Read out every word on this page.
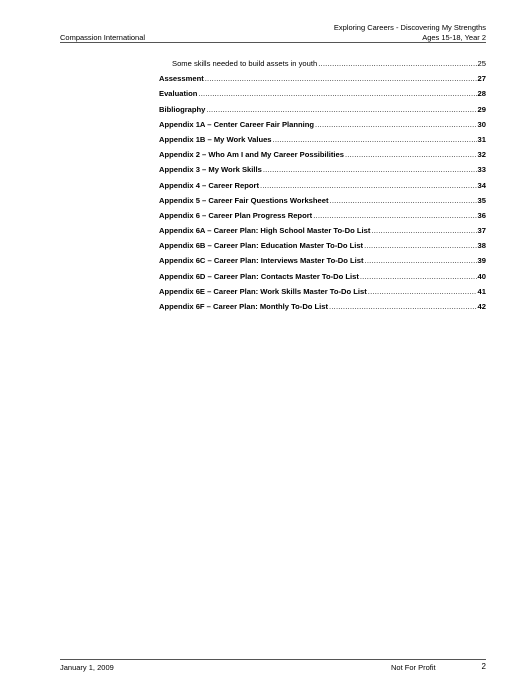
Compassion International
Exploring Careers - Discovering My Strengths
Ages 15-18, Year 2
Some skills needed to build assets in youth .....	25
Assessment .....	27
Evaluation .....	28
Bibliography .....	29
Appendix 1A – Center Career Fair Planning .....	30
Appendix 1B – My Work Values .....	31
Appendix 2 – Who Am I and My Career Possibilities .....	32
Appendix 3 – My Work Skills .....	33
Appendix 4 – Career Report .....	34
Appendix 5 – Career Fair Questions Worksheet .....	35
Appendix 6 – Career Plan Progress Report .....	36
Appendix 6A – Career Plan: High School Master To-Do List .....	37
Appendix 6B – Career Plan: Education Master To-Do List .....	38
Appendix 6C – Career Plan: Interviews Master To-Do List .....	39
Appendix 6D – Career Plan: Contacts Master To-Do List .....	40
Appendix 6E – Career Plan: Work Skills Master To-Do List .....	41
Appendix 6F – Career Plan: Monthly To-Do List .....	42
January 1, 2009	Not For Profit	2
